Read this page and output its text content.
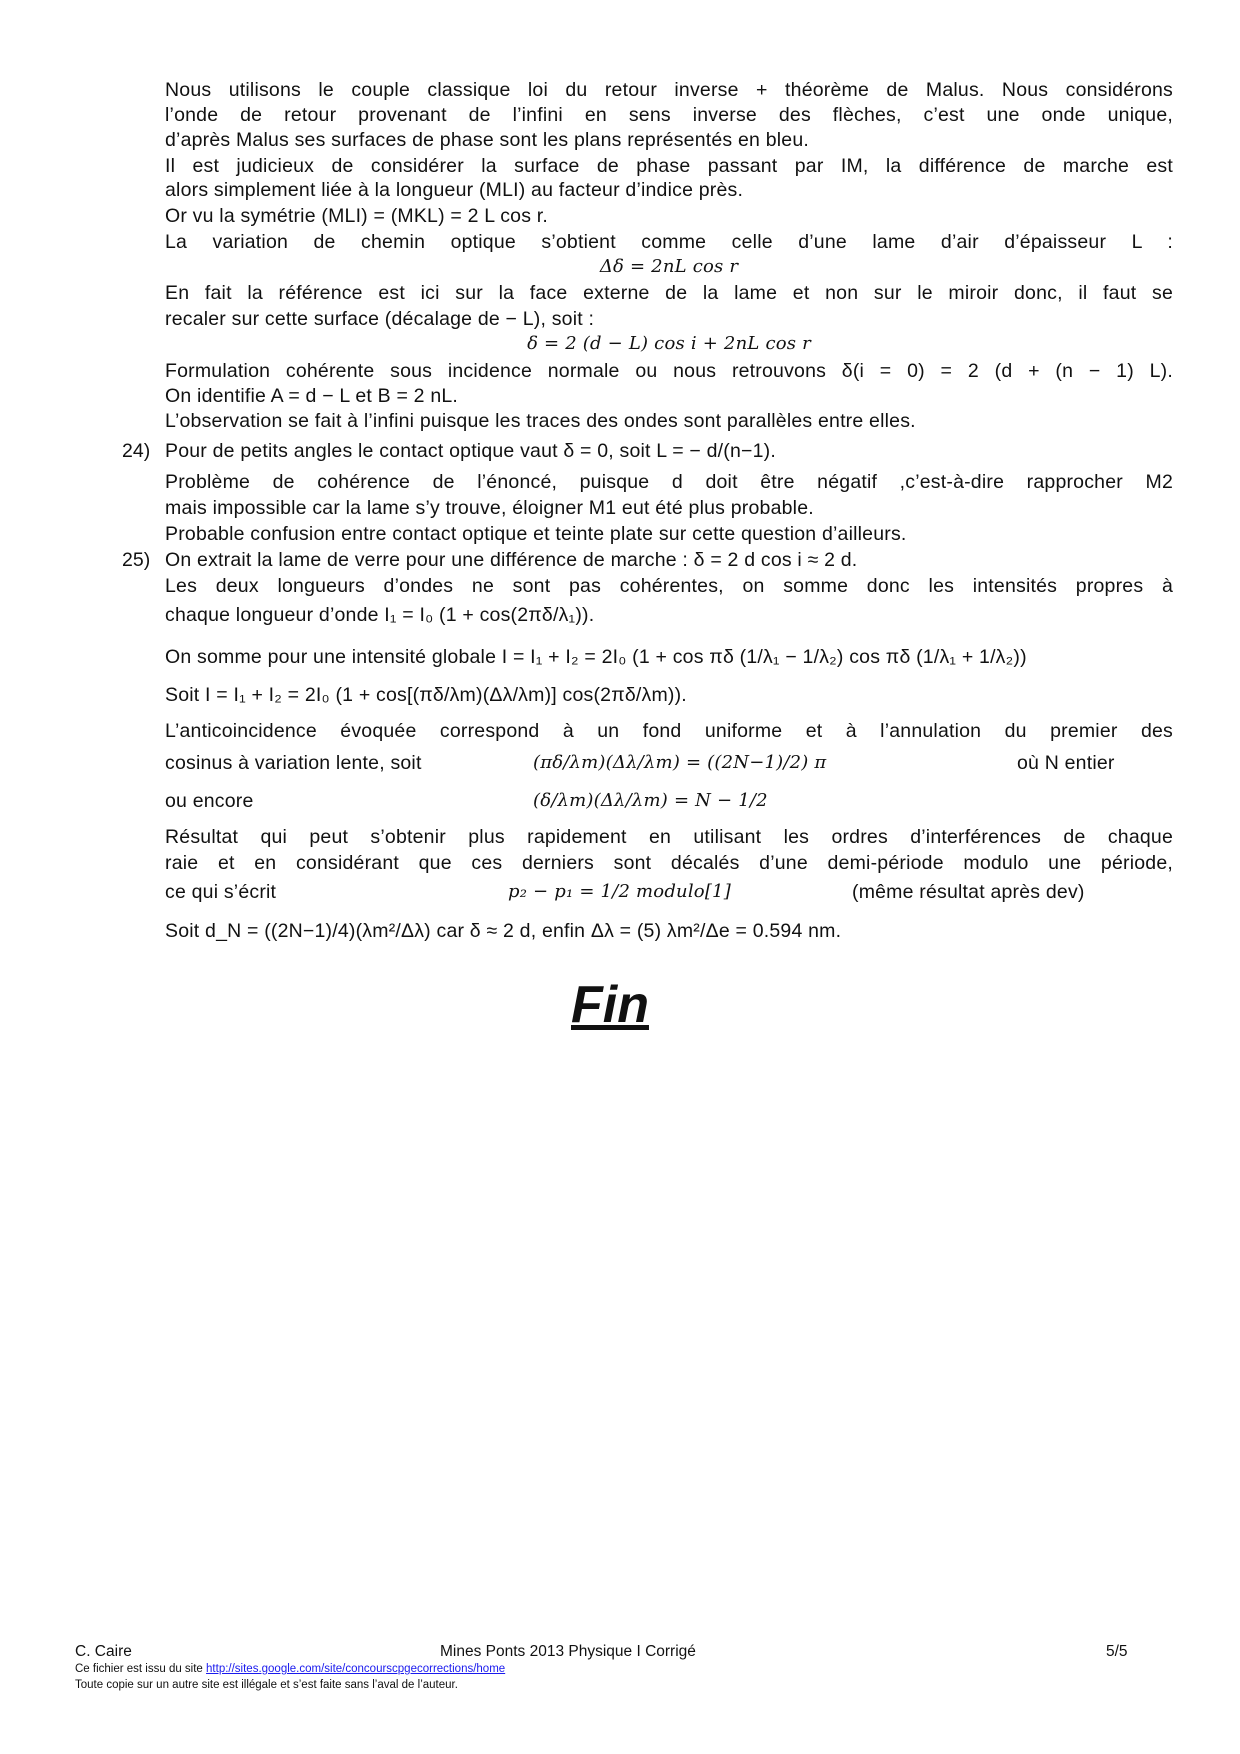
Nous utilisons le couple classique loi du retour inverse + théorème de Malus. Nous considérons
l’onde de retour provenant de l’infini en sens inverse des flèches, c’est une onde unique,
d’après Malus ses surfaces de phase sont les plans représentés en bleu.
Il est judicieux de considérer la surface de phase passant par IM, la différence de marche est
alors simplement liée à la longueur (MLI) au facteur d’indice près.
Or vu la symétrie (MLI) = (MKL) = 2 L cos r.
La variation de chemin optique s’obtient comme celle d’une lame d’air d’épaisseur L :
Δδ = 2nL cos r
En fait la référence est ici sur la face externe de la lame et non sur le miroir donc, il faut se
recaler sur cette surface (décalage de − L), soit :
δ = 2 (d − L) cos i + 2nL cos r
Formulation cohérente sous incidence normale ou nous retrouvons δ(i = 0) = 2 (d + (n − 1) L).
On identifie A = d − L et B = 2 nL.
L’observation se fait à l’infini puisque les traces des ondes sont parallèles entre elles.
24) Pour de petits angles le contact optique vaut δ = 0, soit L = − d/(n−1).
Problème de cohérence de l’énoncé, puisque d doit être négatif ,c’est-à-dire rapprocher M2
mais impossible car la lame s’y trouve, éloigner M1 eut été plus probable.
Probable confusion entre contact optique et teinte plate sur cette question d’ailleurs.
25) On extrait la lame de verre pour une différence de marche : δ = 2 d cos i ≈ 2 d.
Les deux longueurs d’ondes ne sont pas cohérentes, on somme donc les intensités propres à
chaque longueur d’onde I₁ = I₀ (1 + cos(2πδ/λ₁)).
On somme pour une intensité globale I = I₁ + I₂ = 2I₀ (1 + cos πδ (1/λ₁ − 1/λ₂) cos πδ (1/λ₁ + 1/λ₂))
Soit I = I₁ + I₂ = 2I₀ (1 + cos[(πδ/λm)(Δλ/λm)] cos(2πδ/λm)).
L’anticoincidence évoquée correspond à un fond uniforme et à l’annulation du premier des
cosinus à variation lente, soit	(πδ/λm)(Δλ/λm) = ((2N−1)/2) π	où N entier
ou encore	(δ/λm)(Δλ/λm) = N − 1/2
Résultat qui peut s’obtenir plus rapidement en utilisant les ordres d’interférences de chaque
raie et en considérant que ces derniers sont décalés d’une demi-période modulo une période,
ce qui s’écrit	p₂ − p₁ = 1/2 modulo[1]	(même résultat après dev)
Soit d_N = ((2N−1)/4)(λm²/Δλ) car δ ≈ 2 d, enfin Δλ = (5) λm²/Δe = 0.594 nm.
Fin
C. Caire	Mines Ponts 2013 Physique I Corrigé	5/5
Ce fichier est issu du site http://sites.google.com/site/concourscpgecorrections/home
Toute copie sur un autre site est illégale et s’est faite sans l’aval de l’auteur.
